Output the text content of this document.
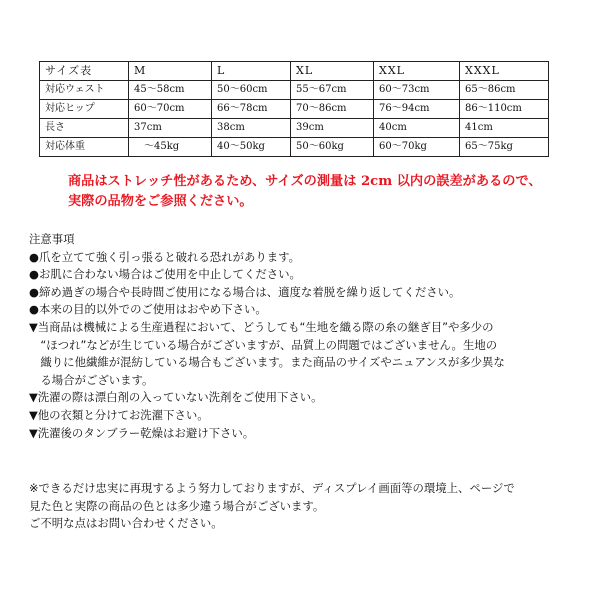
サイズ表	M	L	XL	XXL	XXXL
対応ウェスト	45～58cm	50～60cm	55～67cm	60～73cm	65～86cm
対応ヒップ	60～70cm	66～78cm	70～86cm	76～94cm	86～110cm
長さ	37cm	38cm	39cm	40cm	41cm
対応体重	　～45kg	40～50kg	50～60kg	60～70kg	65～75kg
商品はストレッチ性があるため、サイズの測量は 2cm 以内の誤差があるので、
実際の品物をご参照ください。
注意事項
●爪を立てて強く引っ張ると破れる恐れがあります。
●お肌に合わない場合はご使用を中止してください。
●締め過ぎの場合や長時間ご使用になる場合は、適度な着脱を繰り返してください。
●本来の目的以外でのご使用はおやめ下さい。
▼当商品は機械による生産過程において、どうしても“生地を織る際の糸の継ぎ目”や多少の
　“ほつれ”などが生じている場合がございますが、品質上の問題ではございません。生地の
　織りに他繊維が混紡している場合もございます。また商品のサイズやニュアンスが多少異な
　る場合がございます。
▼洗濯の際は漂白剤の入っていない洗剤をご使用下さい。
▼他の衣類と分けてお洗濯下さい。
▼洗濯後のタンブラー乾燥はお避け下さい。
※できるだけ忠実に再現するよう努力しておりますが、ディスプレイ画面等の環境上、ページで
見た色と実際の商品の色とは多少違う場合がございます。
ご不明な点はお問い合わせください。
